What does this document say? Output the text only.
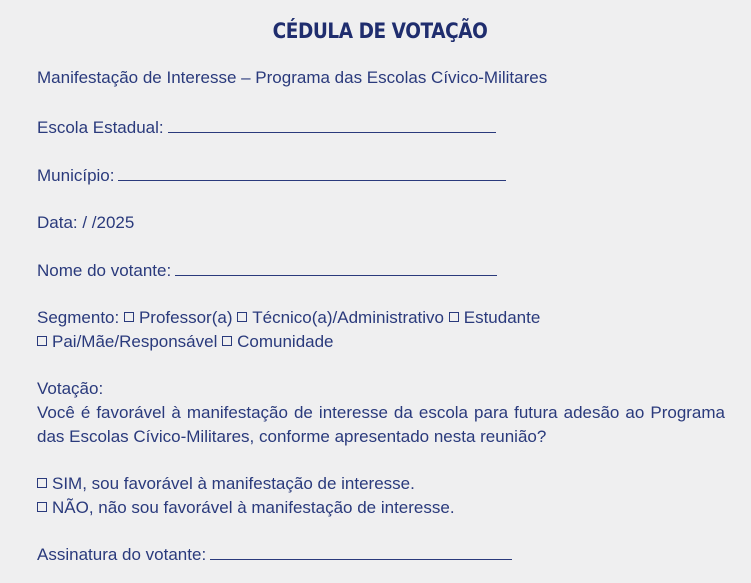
CÉDULA DE VOTAÇÃO
Manifestação de Interesse – Programa das Escolas Cívico-Militares
Escola Estadual:
Município:
Data: / /2025
Nome do votante:
Segmento: Professor(a) Técnico(a)/Administrativo Estudante
Pai/Mãe/Responsável Comunidade
Votação:
Você é favorável à manifestação de interesse da escola para futura adesão ao Programa das Escolas Cívico-Militares, conforme apresentado nesta reunião?
SIM, sou favorável à manifestação de interesse.
NÃO, não sou favorável à manifestação de interesse.
Assinatura do votante:
